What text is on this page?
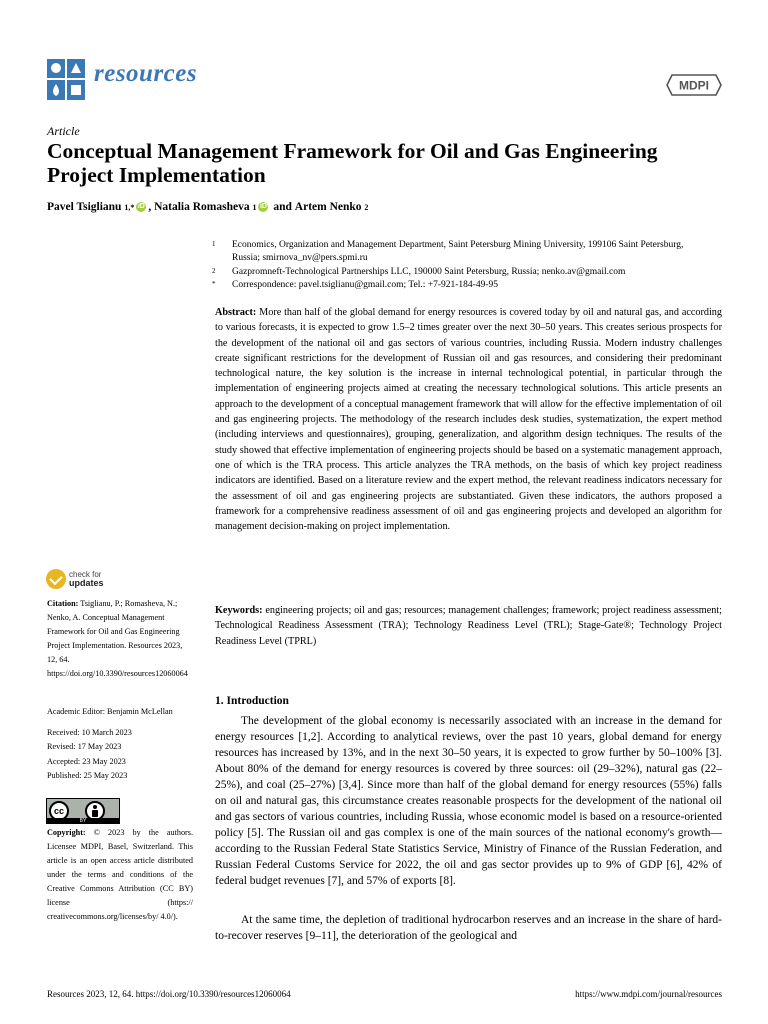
resources	MDPI
Article
Conceptual Management Framework for Oil and Gas Engineering Project Implementation
Pavel Tsiglianu
1,* iD , Natalia Romasheva
1 iD and Artem Nenko
2
1 Economics, Organization and Management Department, Saint Petersburg Mining University, 199106 Saint Petersburg, Russia; smirnova_nv@pers.spmi.ru
2 Gazpromneft-Technological Partnerships LLC, 190000 Saint Petersburg, Russia; nenko.av@gmail.com
* Correspondence: pavel.tsiglianu@gmail.com; Tel.: +7-921-184-49-95
Abstract: More than half of the global demand for energy resources is covered today by oil and natural gas, and according to various forecasts, it is expected to grow 1.5–2 times greater over the next 30–50 years. This creates serious prospects for the development of the national oil and gas sectors of various countries, including Russia. Modern industry challenges create significant restrictions for the development of Russian oil and gas resources, and considering their predominant technological nature, the key solution is the increase in internal technological potential, in particular through the implementation of engineering projects aimed at creating the necessary technological solutions. This article presents an approach to the development of a conceptual management framework that will allow for the effective implementation of oil and gas engineering projects. The methodology of the research includes desk studies, systematization, the expert method (including interviews and questionnaires), grouping, generalization, and algorithm design techniques. The results of the study showed that effective implementation of engineering projects should be based on a systematic management approach, one of which is the TRA process. This article analyzes the TRA methods, on the basis of which key project readiness indicators are identified. Based on a literature review and the expert method, the relevant readiness indicators necessary for the assessment of oil and gas engineering projects are substantiated. Given these indicators, the authors proposed a framework for a comprehensive readiness assessment of oil and gas engineering projects and developed an algorithm for management decision-making on project implementation.
Keywords: engineering projects; oil and gas; resources; management challenges; framework; project readiness assessment; Technological Readiness Assessment (TRA); Technology Readiness Level (TRL); Stage-Gate®; Technology Project Readiness Level (TPRL)
check for
updates
Citation: Tsiglianu, P.; Romasheva, N.; Nenko, A. Conceptual Management Framework for Oil and Gas Engineering Project Implementation. Resources 2023, 12, 64. https://doi.org/10.3390/resources12060064
Academic Editor: Benjamin McLellan
Received: 10 March 2023
Revised: 17 May 2023
Accepted: 23 May 2023
Published: 25 May 2023
cc
BY
Copyright: © 2023 by the authors. Licensee MDPI, Basel, Switzerland. This article is an open access article distributed under the terms and conditions of the Creative Commons Attribution (CC BY) license (https:// creativecommons.org/licenses/by/ 4.0/).
1. Introduction
The development of the global economy is necessarily associated with an increase in the demand for energy resources [1,2]. According to analytical reviews, over the past 10 years, global demand for energy resources has increased by 13%, and in the next 30–50 years, it is expected to grow further by 50–100% [3]. About 80% of the demand for energy resources is covered by three sources: oil (29–32%), natural gas (22–25%), and coal (25–27%) [3,4]. Since more than half of the global demand for energy resources (55%) falls on oil and natural gas, this circumstance creates reasonable prospects for the development of the national oil and gas sectors of various countries, including Russia, whose economic model is based on a resource-oriented policy [5]. The Russian oil and gas complex is one of the main sources of the national economy's growth—according to the Russian Federal State Statistics Service, Ministry of Finance of the Russian Federation, and Russian Federal Customs Service for 2022, the oil and gas sector provides up to 9% of GDP [6], 42% of federal budget revenues [7], and 57% of exports [8].
At the same time, the depletion of traditional hydrocarbon reserves and an increase in the share of hard-to-recover reserves [9–11], the deterioration of the geological and
Resources 2023, 12, 64. https://doi.org/10.3390/resources12060064	https://www.mdpi.com/journal/resources
